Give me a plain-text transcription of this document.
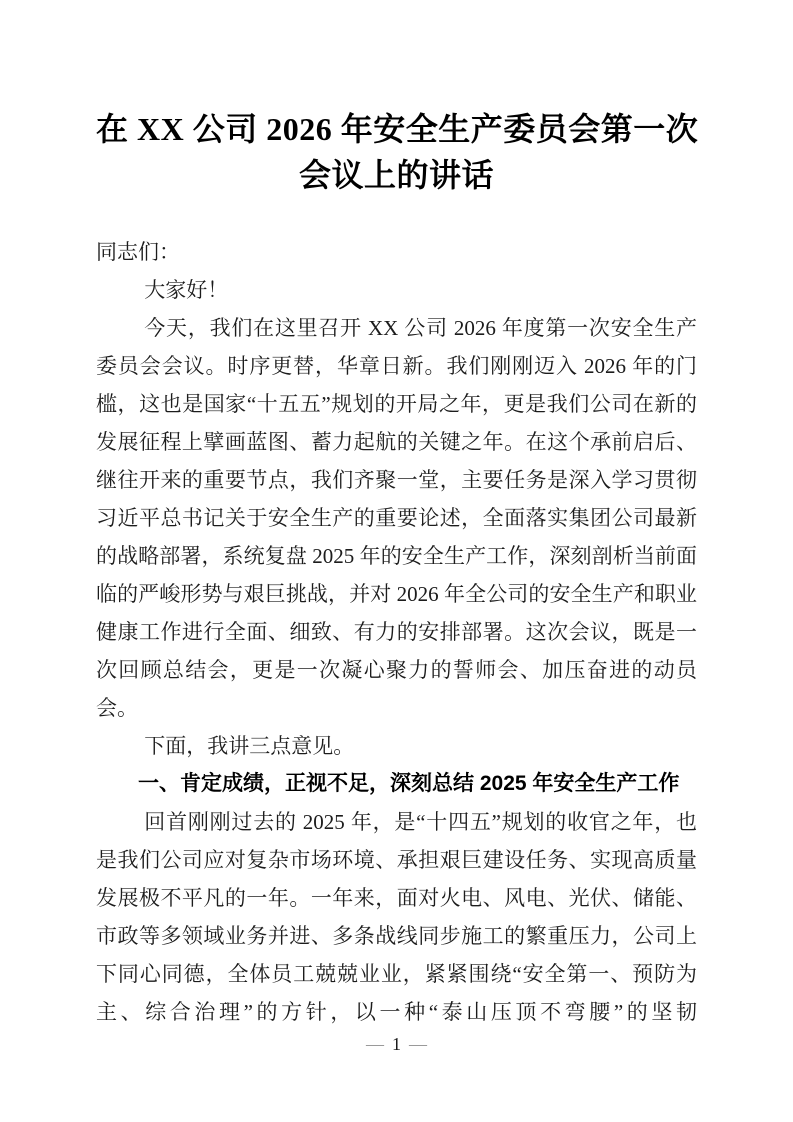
在 XX 公司 2026 年安全生产委员会第一次
会议上的讲话

同志们：

大家好！

今天，我们在这里召开 XX 公司 2026 年度第一次安全生产委员会会议。时序更替，华章日新。我们刚刚迈入 2026 年的门槛，这也是国家“十五五”规划的开局之年，更是我们公司在新的发展征程上擘画蓝图、蓄力起航的关键之年。在这个承前启后、继往开来的重要节点，我们齐聚一堂，主要任务是深入学习贯彻习近平总书记关于安全生产的重要论述，全面落实集团公司最新的战略部署，系统复盘 2025 年的安全生产工作，深刻剖析当前面临的严峻形势与艰巨挑战，并对 2026 年全公司的安全生产和职业健康工作进行全面、细致、有力的安排部署。这次会议，既是一次回顾总结会，更是一次凝心聚力的誓师会、加压奋进的动员会。

下面，我讲三点意见。

一、肯定成绩，正视不足，深刻总结 2025 年安全生产工作

回首刚刚过去的 2025 年，是“十四五”规划的收官之年，也是我们公司应对复杂市场环境、承担艰巨建设任务、实现高质量发展极不平凡的一年。一年来，面对火电、风电、光伏、储能、市政等多领域业务并进、多条战线同步施工的繁重压力，公司上下同心同德，全体员工兢兢业业，紧紧围绕“安全第一、预防为主、综合治理”的方针，以一种“泰山压顶不弯腰”的坚韧

— 1 —
